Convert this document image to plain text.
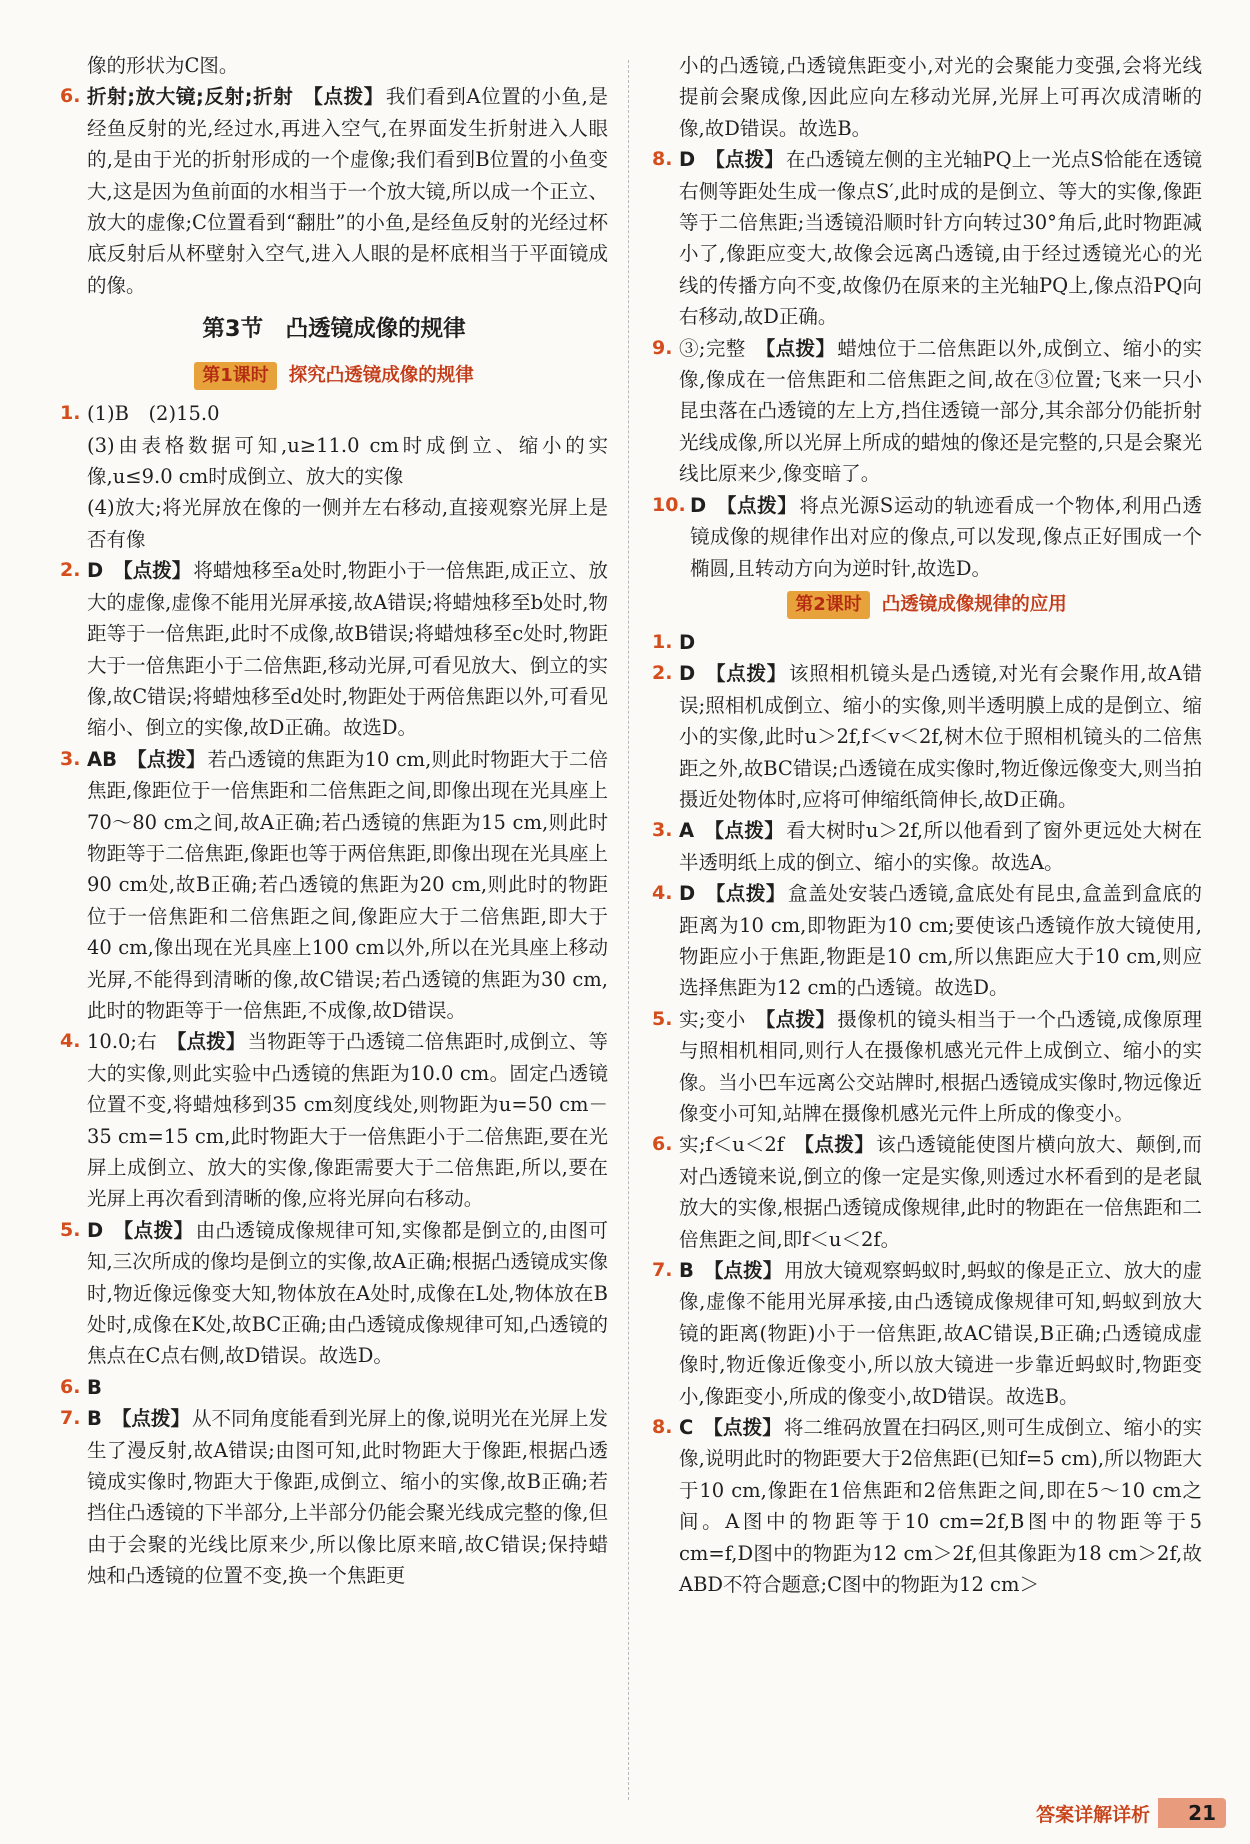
像的形状为C图。

6. 折射;放大镜;反射;折射 【点拨】 我们看到A位置的小鱼,是经鱼反射的光,经过水,再进入空气,在界面发生折射进入人眼的,是由于光的折射形成的一个虚像;我们看到B位置的小鱼变大,这是因为鱼前面的水相当于一个放大镜,所以成一个正立、放大的虚像;C位置看到“翻肚”的小鱼,是经鱼反射的光经过杯底反射后从杯壁射入空气,进入人眼的是杯底相当于平面镜成的像。

第3节　凸透镜成像的规律
第1课时 探究凸透镜成像的规律
1. (1)B　(2)15.0

(3)由表格数据可知,u≥11.0 cm时成倒立、缩小的实像,u≤9.0 cm时成倒立、放大的实像

(4)放大;将光屏放在像的一侧并左右移动,直接观察光屏上是否有像

2. D 【点拨】 将蜡烛移至a处时,物距小于一倍焦距,成正立、放大的虚像,虚像不能用光屏承接,故A错误;将蜡烛移至b处时,物距等于一倍焦距,此时不成像,故B错误;将蜡烛移至c处时,物距大于一倍焦距小于二倍焦距,移动光屏,可看见放大、倒立的实像,故C错误;将蜡烛移至d处时,物距处于两倍焦距以外,可看见缩小、倒立的实像,故D正确。故选D。

3. AB 【点拨】 若凸透镜的焦距为10 cm,则此时物距大于二倍焦距,像距位于一倍焦距和二倍焦距之间,即像出现在光具座上70～80 cm之间,故A正确;若凸透镜的焦距为15 cm,则此时物距等于二倍焦距,像距也等于两倍焦距,即像出现在光具座上90 cm处,故B正确;若凸透镜的焦距为20 cm,则此时的物距位于一倍焦距和二倍焦距之间,像距应大于二倍焦距,即大于40 cm,像出现在光具座上100 cm以外,所以在光具座上移动光屏,不能得到清晰的像,故C错误;若凸透镜的焦距为30 cm,此时的物距等于一倍焦距,不成像,故D错误。

4. 10.0;右 【点拨】 当物距等于凸透镜二倍焦距时,成倒立、等大的实像,则此实验中凸透镜的焦距为10.0 cm。固定凸透镜位置不变,将蜡烛移到35 cm刻度线处,则物距为u=50 cm－35 cm=15 cm,此时物距大于一倍焦距小于二倍焦距,要在光屏上成倒立、放大的实像,像距需要大于二倍焦距,所以,要在光屏上再次看到清晰的像,应将光屏向右移动。

5. D 【点拨】 由凸透镜成像规律可知,实像都是倒立的,由图可知,三次所成的像均是倒立的实像,故A正确;根据凸透镜成实像时,物近像远像变大知,物体放在A处时,成像在L处,物体放在B处时,成像在K处,故BC正确;由凸透镜成像规律可知,凸透镜的焦点在C点右侧,故D错误。故选D。

6. B

7. B 【点拨】 从不同角度能看到光屏上的像,说明光在光屏上发生了漫反射,故A错误;由图可知,此时物距大于像距,根据凸透镜成实像时,物距大于像距,成倒立、缩小的实像,故B正确;若挡住凸透镜的下半部分,上半部分仍能会聚光线成完整的像,但由于会聚的光线比原来少,所以像比原来暗,故C错误;保持蜡烛和凸透镜的位置不变,换一个焦距更

小的凸透镜,凸透镜焦距变小,对光的会聚能力变强,会将光线提前会聚成像,因此应向左移动光屏,光屏上可再次成清晰的像,故D错误。故选B。

8. D 【点拨】 在凸透镜左侧的主光轴PQ上一光点S恰能在透镜右侧等距处生成一像点S′,此时成的是倒立、等大的实像,像距等于二倍焦距;当透镜沿顺时针方向转过30°角后,此时物距减小了,像距应变大,故像会远离凸透镜,由于经过透镜光心的光线的传播方向不变,故像仍在原来的主光轴PQ上,像点沿PQ向右移动,故D正确。

9. ③;完整 【点拨】 蜡烛位于二倍焦距以外,成倒立、缩小的实像,像成在一倍焦距和二倍焦距之间,故在③位置;飞来一只小昆虫落在凸透镜的左上方,挡住透镜一部分,其余部分仍能折射光线成像,所以光屏上所成的蜡烛的像还是完整的,只是会聚光线比原来少,像变暗了。

10. D 【点拨】 将点光源S运动的轨迹看成一个物体,利用凸透镜成像的规律作出对应的像点,可以发现,像点正好围成一个椭圆,且转动方向为逆时针,故选D。

第2课时 凸透镜成像规律的应用

1. D

2. D 【点拨】 该照相机镜头是凸透镜,对光有会聚作用,故A错误;照相机成倒立、缩小的实像,则半透明膜上成的是倒立、缩小的实像,此时u＞2f,f＜v＜2f,树木位于照相机镜头的二倍焦距之外,故BC错误;凸透镜在成实像时,物近像远像变大,则当拍摄近处物体时,应将可伸缩纸筒伸长,故D正确。

3. A 【点拨】 看大树时u＞2f,所以他看到了窗外更远处大树在半透明纸上成的倒立、缩小的实像。故选A。

4. D 【点拨】 盒盖处安装凸透镜,盒底处有昆虫,盒盖到盒底的距离为10 cm,即物距为10 cm;要使该凸透镜作放大镜使用,物距应小于焦距,物距是10 cm,所以焦距应大于10 cm,则应选择焦距为12 cm的凸透镜。故选D。

5. 实;变小 【点拨】 摄像机的镜头相当于一个凸透镜,成像原理与照相机相同,则行人在摄像机感光元件上成倒立、缩小的实像。当小巴车远离公交站牌时,根据凸透镜成实像时,物远像近像变小可知,站牌在摄像机感光元件上所成的像变小。

6. 实;f＜u＜2f 【点拨】 该凸透镜能使图片横向放大、颠倒,而对凸透镜来说,倒立的像一定是实像,则透过水杯看到的是老鼠放大的实像,根据凸透镜成像规律,此时的物距在一倍焦距和二倍焦距之间,即f＜u＜2f。

7. B 【点拨】 用放大镜观察蚂蚁时,蚂蚁的像是正立、放大的虚像,虚像不能用光屏承接,由凸透镜成像规律可知,蚂蚁到放大镜的距离(物距)小于一倍焦距,故AC错误,B正确;凸透镜成虚像时,物近像近像变小,所以放大镜进一步靠近蚂蚁时,物距变小,像距变小,所成的像变小,故D错误。故选B。

8. C 【点拨】 将二维码放置在扫码区,则可生成倒立、缩小的实像,说明此时的物距要大于2倍焦距(已知f=5 cm),所以物距大于10 cm,像距在1倍焦距和2倍焦距之间,即在5～10 cm之间。A图中的物距等于10 cm=2f,B图中的物距等于5 cm=f,D图中的物距为12 cm＞2f,但其像距为18 cm＞2f,故ABD不符合题意;C图中的物距为12 cm＞

答案详解详析	21
